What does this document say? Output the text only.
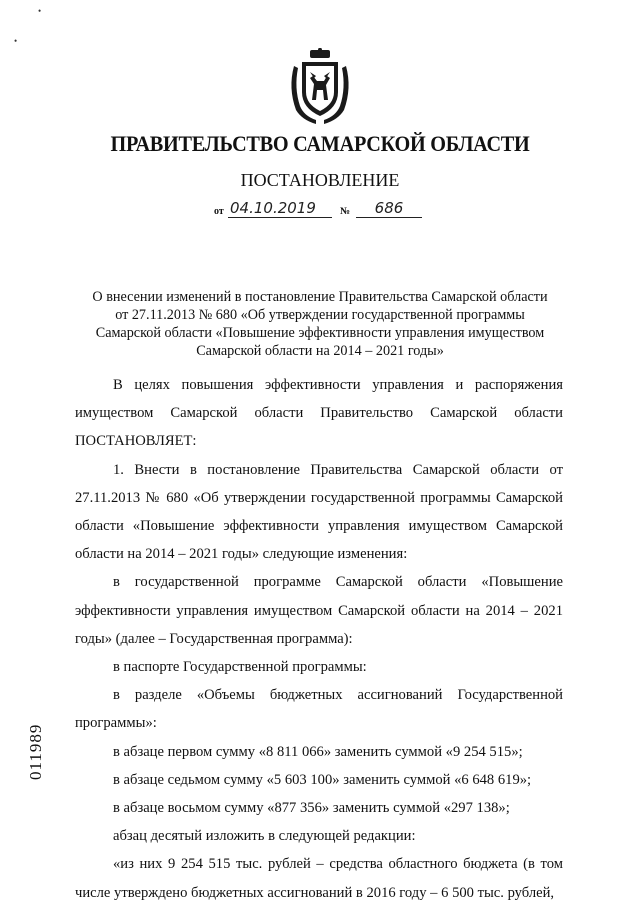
ПРАВИТЕЛЬСТВО САМАРСКОЙ ОБЛАСТИ
ПОСТАНОВЛЕНИЕ
от 04.10.2019	№	686
О внесении изменений в постановление Правительства Самарской области
от 27.11.2013 № 680 «Об утверждении государственной программы
Самарской области «Повышение эффективности управления имуществом
Самарской области на 2014 – 2021 годы»

В целях повышения эффективности управления и распоряжения имуществом Самарской области Правительство Самарской области ПОСТАНОВЛЯЕТ:

1. Внести в постановление Правительства Самарской области от 27.11.2013 № 680 «Об утверждении государственной программы Самарской области «Повышение эффективности управления имуществом Самарской области на 2014 – 2021 годы» следующие изменения:

в государственной программе Самарской области «Повышение эффективности управления имуществом Самарской области на 2014 – 2021 годы» (далее – Государственная программа):

в паспорте Государственной программы:

в разделе «Объемы бюджетных ассигнований Государственной программы»:

в абзаце первом сумму «8 811 066» заменить суммой «9 254 515»;

в абзаце седьмом сумму «5 603 100» заменить суммой «6 648 619»;

в абзаце восьмом сумму «877 356» заменить суммой «297 138»;

абзац десятый изложить в следующей редакции:

«из них 9 254 515 тыс. рублей – средства областного бюджета (в том числе утверждено бюджетных ассигнований в 2016 году – 6 500 тыс. рублей,

011989
•
•
